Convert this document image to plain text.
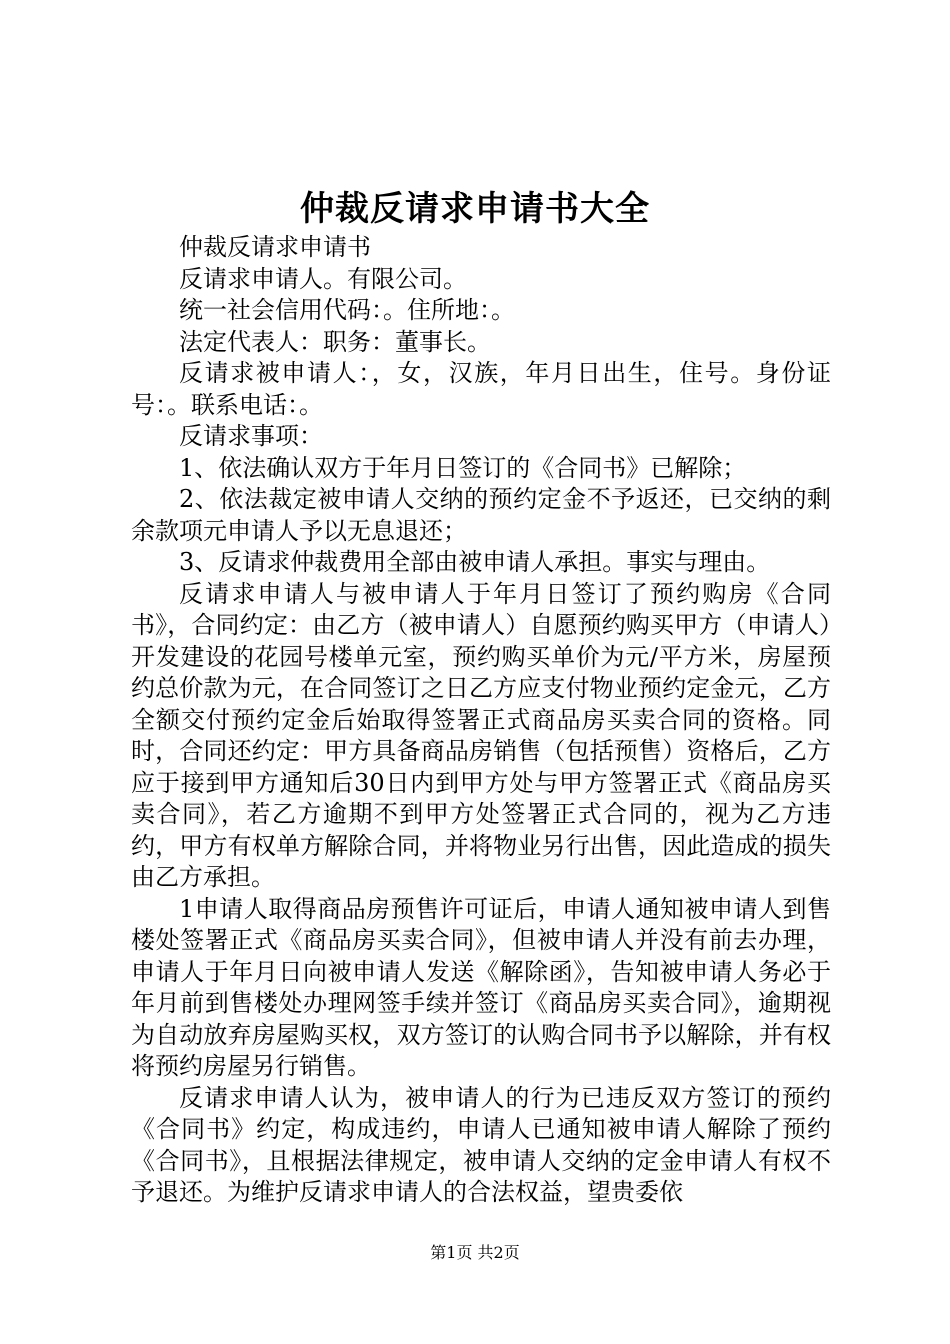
仲裁反请求申请书大全

仲裁反请求申请书

反请求申请人。有限公司。

统一社会信用代码：。住所地：。

法定代表人：职务：董事长。

反请求被申请人：，女，汉族，年月日出生，住号。身份证号：。联系电话：。

反请求事项：

1、依法确认双方于年月日签订的《合同书》已解除；

2、依法裁定被申请人交纳的预约定金不予返还，已交纳的剩余款项元申请人予以无息退还；

3、反请求仲裁费用全部由被申请人承担。事实与理由。

反请求申请人与被申请人于年月日签订了预约购房《合同书》，合同约定：由乙方（被申请人）自愿预约购买甲方（申请人）开发建设的花园号楼单元室，预约购买单价为元/平方米，房屋预约总价款为元，在合同签订之日乙方应支付物业预约定金元，乙方全额交付预约定金后始取得签署正式商品房买卖合同的资格。同时，合同还约定：甲方具备商品房销售（包括预售）资格后，乙方应于接到甲方通知后30日内到甲方处与甲方签署正式《商品房买卖合同》，若乙方逾期不到甲方处签署正式合同的，视为乙方违约，甲方有权单方解除合同，并将物业另行出售，因此造成的损失由乙方承担。

1申请人取得商品房预售许可证后，申请人通知被申请人到售楼处签署正式《商品房买卖合同》，但被申请人并没有前去办理，申请人于年月日向被申请人发送《解除函》，告知被申请人务必于年月前到售楼处办理网签手续并签订《商品房买卖合同》，逾期视为自动放弃房屋购买权，双方签订的认购合同书予以解除，并有权将预约房屋另行销售。

反请求申请人认为，被申请人的行为已违反双方签订的预约《合同书》约定，构成违约，申请人已通知被申请人解除了预约《合同书》，且根据法律规定，被申请人交纳的定金申请人有权不予退还。为维护反请求申请人的合法权益，望贵委依

第1页 共2页
